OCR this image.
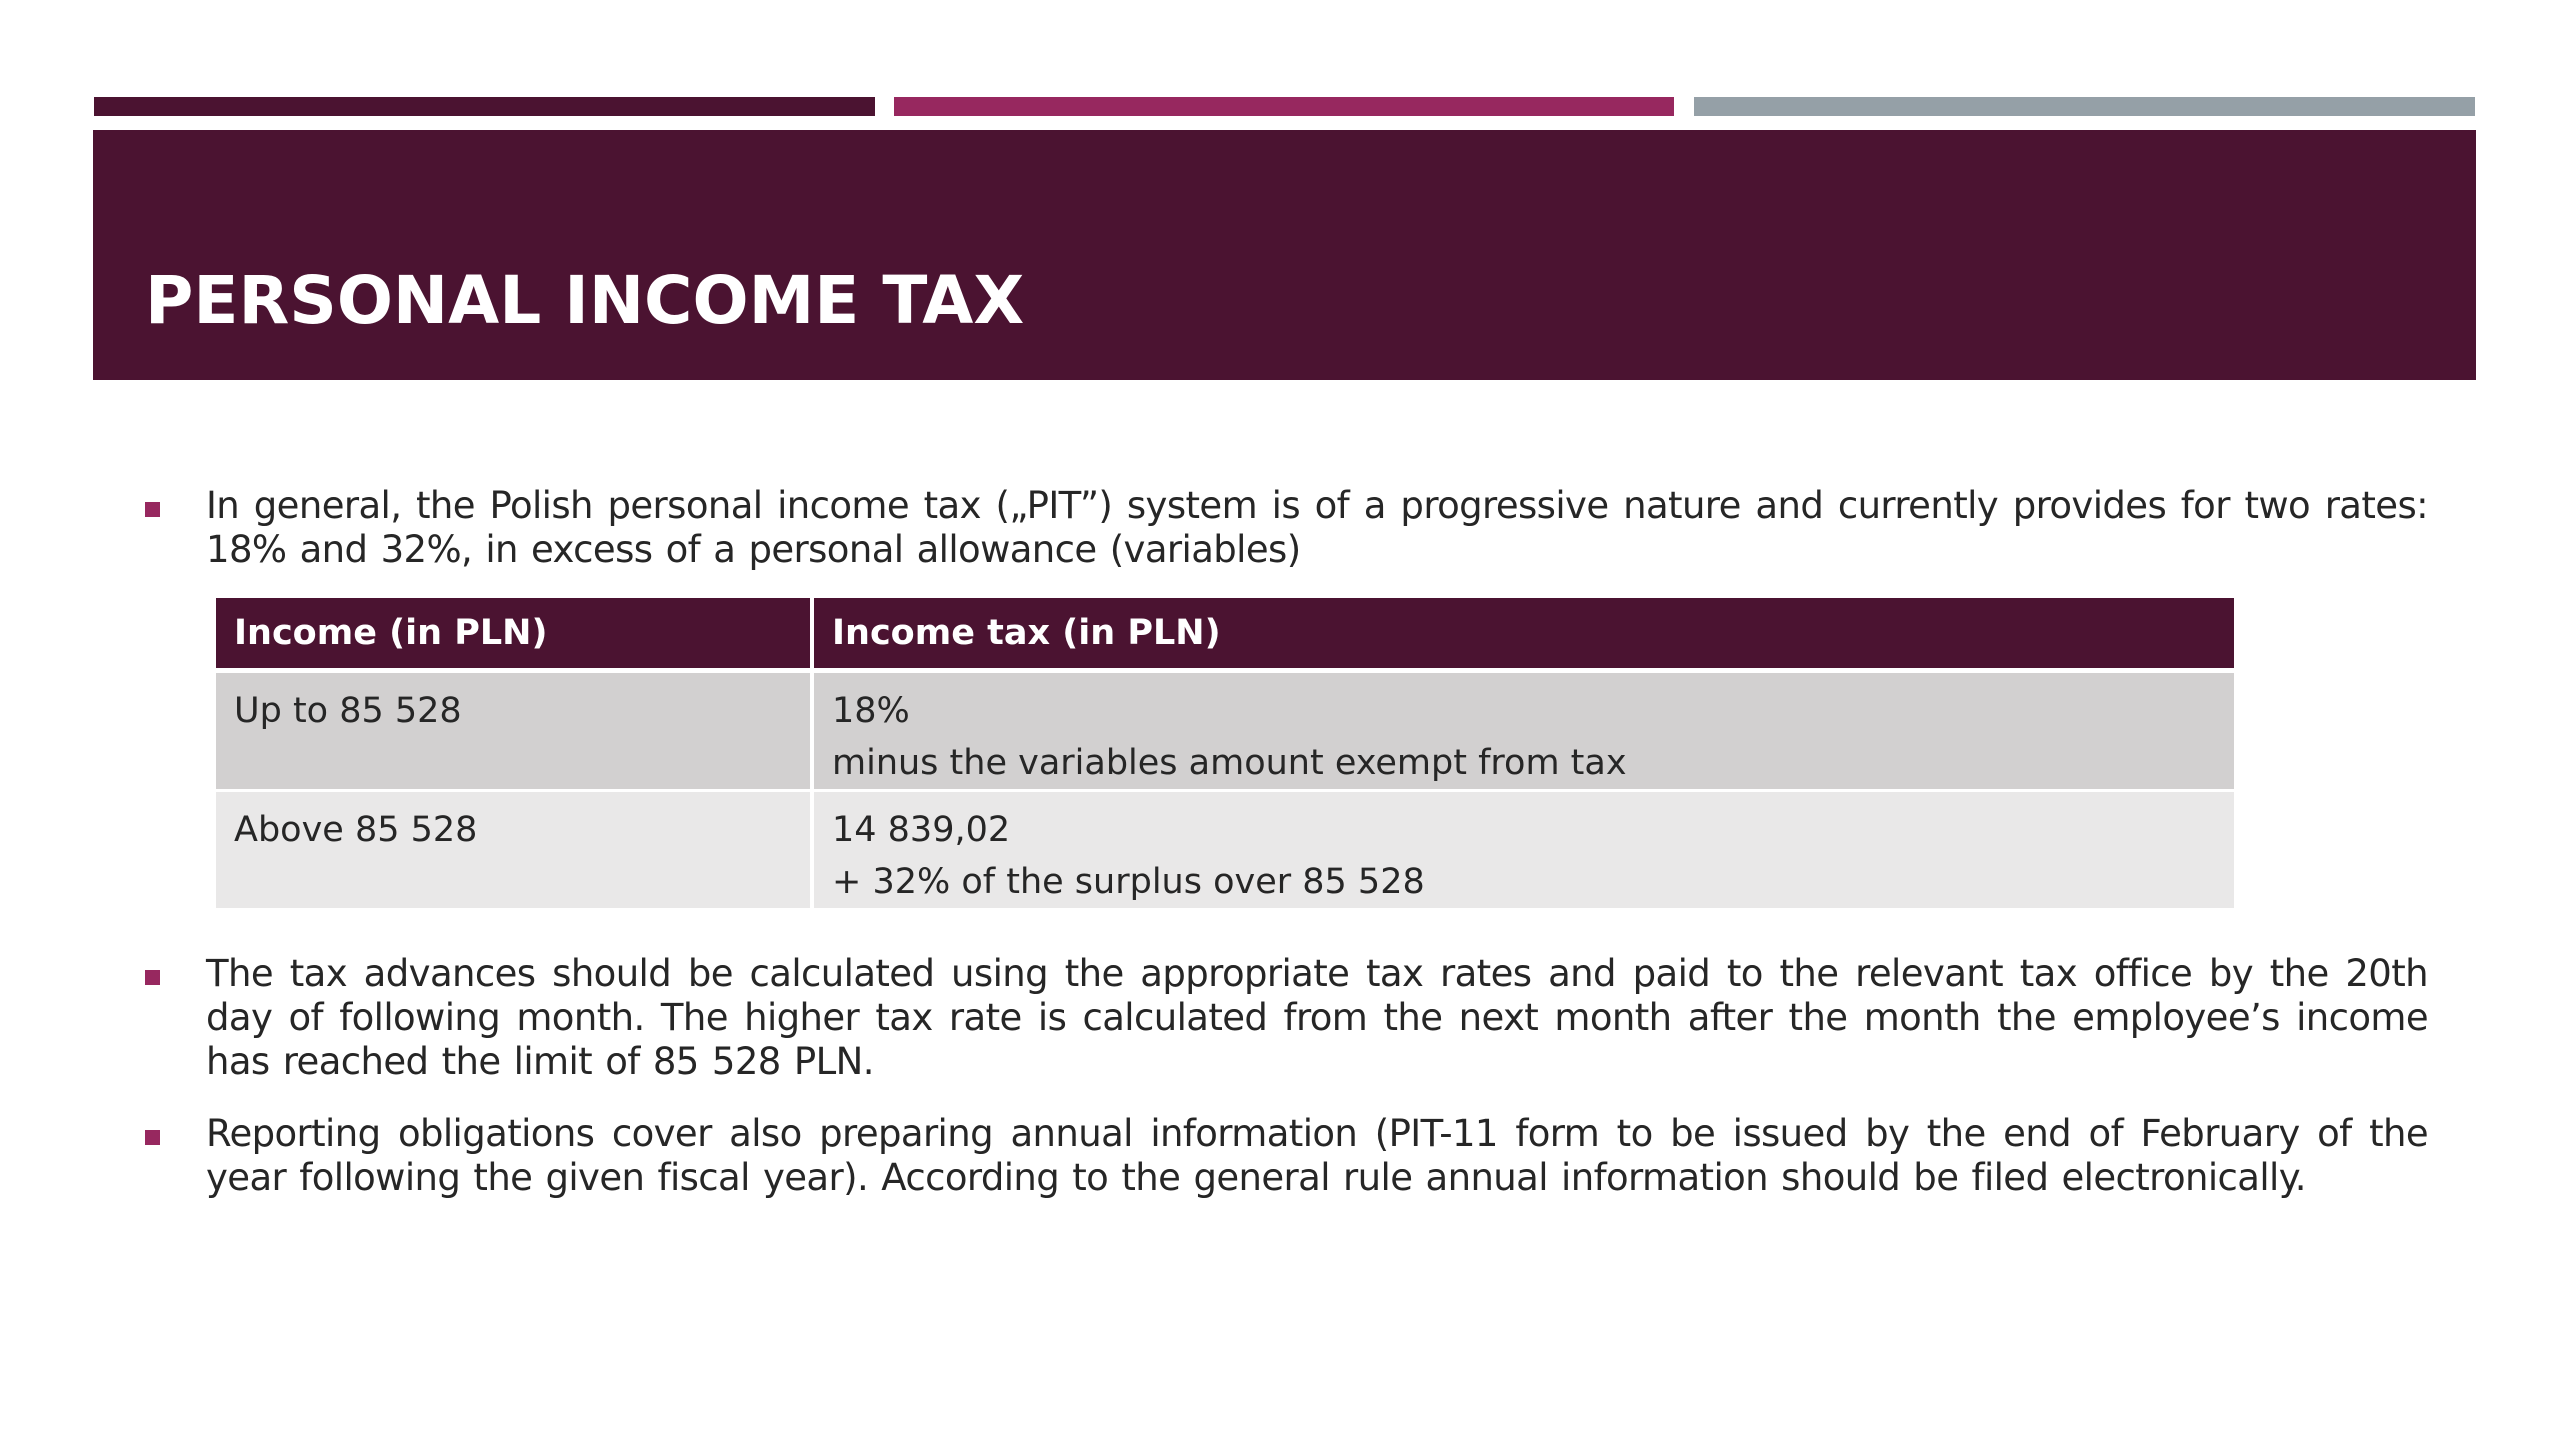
PERSONAL INCOME TAX

In general, the Polish personal income tax („PIT”) system is of a progressive nature and currently provides for two rates: 18% and 32%, in excess of a personal allowance (variables)

Income (in PLN)	Income tax (in PLN)

Up to 85 528	18%
minus the variables amount exempt from tax

Above 85 528	14 839,02
+ 32% of the surplus over 85 528

The tax advances should be calculated using the appropriate tax rates and paid to the relevant tax office by the 20th day of following month. The higher tax rate is calculated from the next month after the month the employee’s income has reached the limit of 85 528 PLN.

Reporting obligations cover also preparing annual information (PIT-11 form to be issued by the end of February of the year following the given fiscal year). According to the general rule annual information should be filed electronically.
